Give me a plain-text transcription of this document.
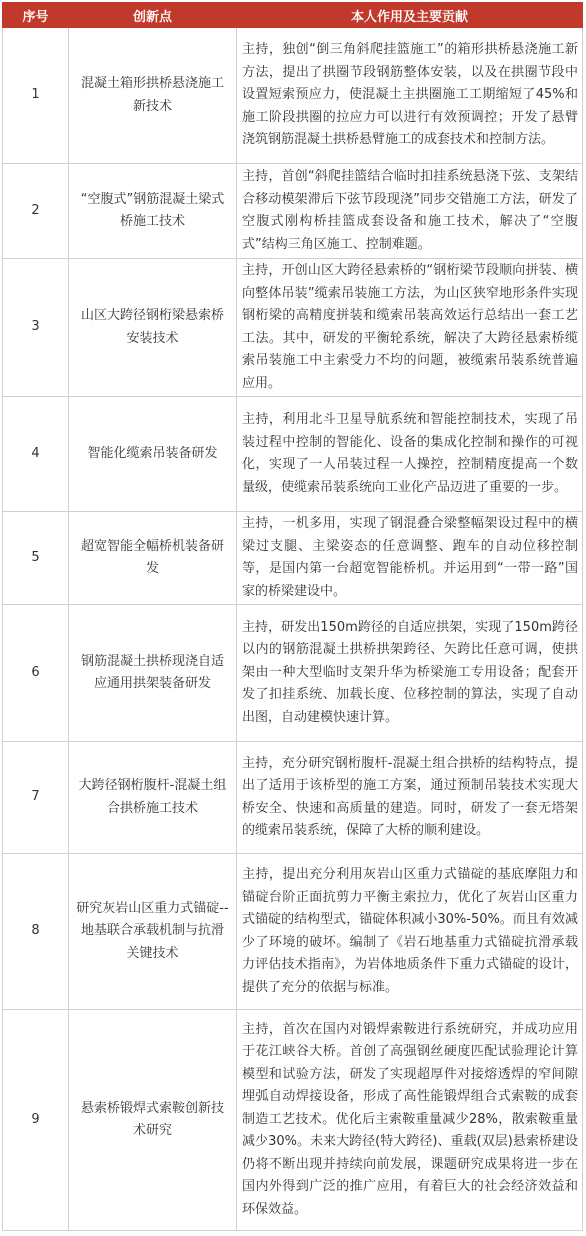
序号	创新点	本人作用及主要贡献
1	混凝土箱形拱桥悬浇施工新技术	主持，独创“倒三角斜爬挂篮施工”的箱形拱桥悬浇施工新方法，提出了拱圈节段钢筋整体安装，以及在拱圈节段中设置短索预应力，使混凝土主拱圈施工工期缩短了45%和施工阶段拱圈的拉应力可以进行有效预调控；开发了悬臂浇筑钢筋混凝土拱桥悬臂施工的成套技术和控制方法。
2	“空腹式”钢筋混凝土梁式桥施工技术	主持，首创“斜爬挂篮结合临时扣挂系统悬浇下弦、支架结合移动模架滞后下弦节段现浇”同步交错施工方法，研发了空腹式刚构桥挂篮成套设备和施工技术，解决了“空腹式”结构三角区施工、控制难题。
3	山区大跨径钢桁梁悬索桥安装技术	主持，开创山区大跨径悬索桥的“钢桁梁节段顺向拼装、横向整体吊装”缆索吊装施工方法，为山区狭窄地形条件实现钢桁梁的高精度拼装和缆索吊装高效运行总结出一套工艺工法。其中，研发的平衡轮系统，解决了大跨径悬索桥缆索吊装施工中主索受力不均的问题，被缆索吊装系统普遍应用。
4	智能化缆索吊装备研发	主持，利用北斗卫星导航系统和智能控制技术，实现了吊装过程中控制的智能化、设备的集成化控制和操作的可视化，实现了一人吊装过程一人操控，控制精度提高一个数量级，使缆索吊装系统向工业化产品迈进了重要的一步。
5	超宽智能全幅桥机装备研发	主持，一机多用，实现了钢混叠合梁整幅架设过程中的横梁过支腿、主梁姿态的任意调整、跑车的自动位移控制等，是国内第一台超宽智能桥机。并运用到“一带一路”国家的桥梁建设中。
6	钢筋混凝土拱桥现浇自适应通用拱架装备研发	主持，研发出150m跨径的自适应拱架，实现了150m跨径以内的钢筋混凝土拱桥拱架跨径、矢跨比任意可调，使拱架由一种大型临时支架升华为桥梁施工专用设备；配套开发了扣挂系统、加载长度、位移控制的算法，实现了自动出图，自动建模快速计算。
7	大跨径钢桁腹杆-混凝土组合拱桥施工技术	主持，充分研究钢桁腹杆-混凝土组合拱桥的结构特点，提出了适用于该桥型的施工方案，通过预制吊装技术实现大桥安全、快速和高质量的建造。同时，研发了一套无塔架的缆索吊装系统，保障了大桥的顺利建设。
8	研究灰岩山区重力式锚碇--地基联合承载机制与抗滑关键技术	主持，提出充分利用灰岩山区重力式锚碇的基底摩阻力和锚碇台阶正面抗剪力平衡主索拉力，优化了灰岩山区重力式锚碇的结构型式，锚碇体积减小30%-50%。而且有效减少了环境的破坏。编制了《岩石地基重力式锚碇抗滑承载力评估技术指南》，为岩体地质条件下重力式锚碇的设计，提供了充分的依据与标准。
9	悬索桥锻焊式索鞍创新技术研究	主持，首次在国内对锻焊索鞍进行系统研究，并成功应用于花江峡谷大桥。首创了高强钢丝硬度匹配试验理论计算模型和试验方法，研发了实现超厚件对接熔透焊的窄间隙埋弧自动焊接设备，形成了高性能锻焊组合式索鞍的成套制造工艺技术。优化后主索鞍重量减少28%，散索鞍重量减少30%。未来大跨径(特大跨径)、重载(双层)悬索桥建设仍将不断出现并持续向前发展，课题研究成果将进一步在国内外得到广泛的推广应用，有着巨大的社会经济效益和环保效益。
